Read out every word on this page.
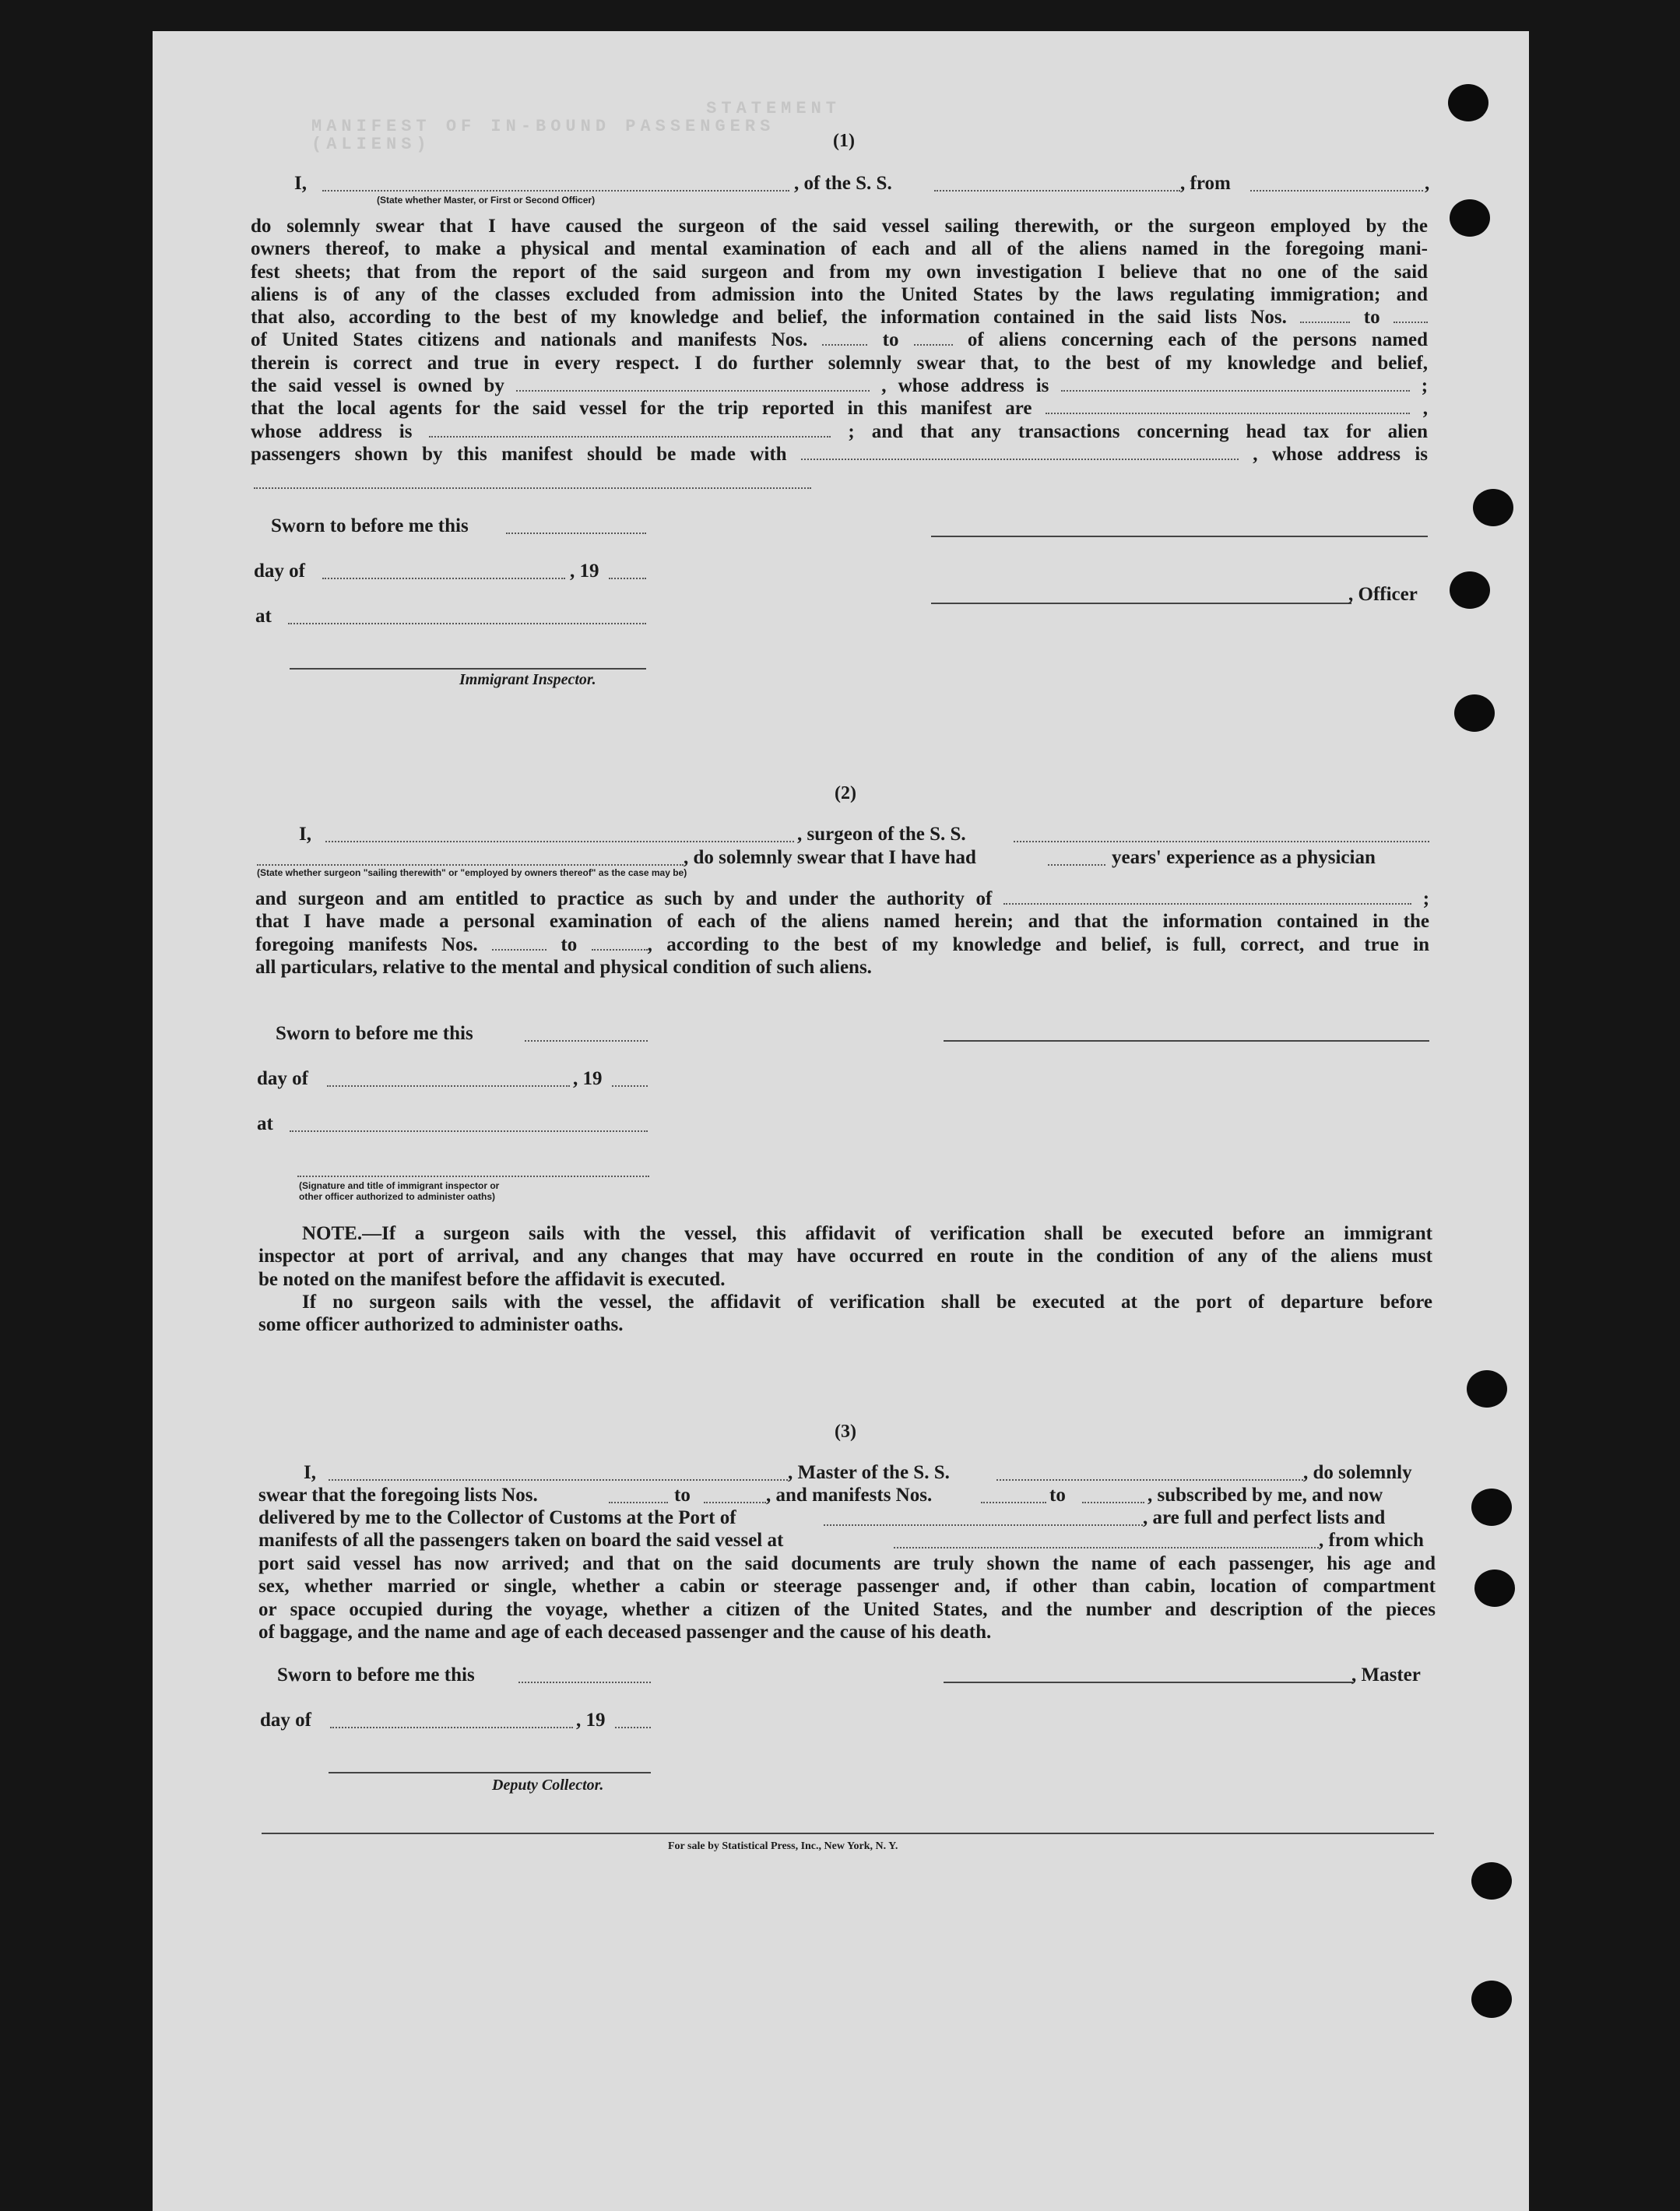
STATEMENT
MANIFEST OF IN-BOUND PASSENGERS (ALIENS)	(1)
I,
(State whether Master, or First or Second Officer)
, of the S. S.	, from	,
do solemnly swear that I have caused the surgeon of the said vessel sailing therewith, or the surgeon employed by the
owners thereof, to make a physical and mental examination of each and all of the aliens named in the foregoing mani-
fest sheets; that from the report of the said surgeon and from my own investigation I believe that no one of the said
aliens is of any of the classes excluded from admission into the United States by the laws regulating immigration; and
that also, according to the best of my knowledge and belief, the information contained in the said lists Nos.	to
of United States citizens and nationals and manifests Nos.	to	of aliens concerning each of the persons named
therein is correct and true in every respect. I do further solemnly swear that, to the best of my knowledge and belief,
the said vessel is owned by	, whose address is	;
that the local agents for the said vessel for the trip reported in this manifest are	,
whose address is	; and that any transactions concerning head tax for alien
passengers shown by this manifest should be made with	, whose address is
Sworn to before me this
day of	, 19
, Officer
at
Immigrant Inspector.
(2)
I,	, surgeon of the S. S.
, do solemnly swear that I have had	years' experience as a physician
(State whether surgeon "sailing therewith" or "employed by owners thereof" as the case may be)
and surgeon and am entitled to practice as such by and under the authority of	;
that I have made a personal examination of each of the aliens named herein; and that the information contained in the
foregoing manifests Nos.	to	, according to the best of my knowledge and belief, is full, correct, and true in
all particulars, relative to the mental and physical condition of such aliens.
Sworn to before me this
day of	, 19
at
(Signature and title of immigrant inspector or
other officer authorized to administer oaths)
NOTE.—If a surgeon sails with the vessel, this affidavit of verification shall be executed before an immigrant
inspector at port of arrival, and any changes that may have occurred en route in the condition of any of the aliens must
be noted on the manifest before the affidavit is executed.
If no surgeon sails with the vessel, the affidavit of verification shall be executed at the port of departure before
some officer authorized to administer oaths.
(3)
I,	, Master of the S. S.	, do solemnly
swear that the foregoing lists Nos.	to	, and manifests Nos.	to	, subscribed by me, and now
delivered by me to the Collector of Customs at the Port of	, are full and perfect lists and
manifests of all the passengers taken on board the said vessel at	, from which
port said vessel has now arrived; and that on the said documents are truly shown the name of each passenger, his age and
sex, whether married or single, whether a cabin or steerage passenger and, if other than cabin, location of compartment
or space occupied during the voyage, whether a citizen of the United States, and the number and description of the pieces
of baggage, and the name and age of each deceased passenger and the cause of his death.
Sworn to before me this	, Master
day of	, 19
Deputy Collector.
For sale by Statistical Press, Inc., New York, N. Y.
